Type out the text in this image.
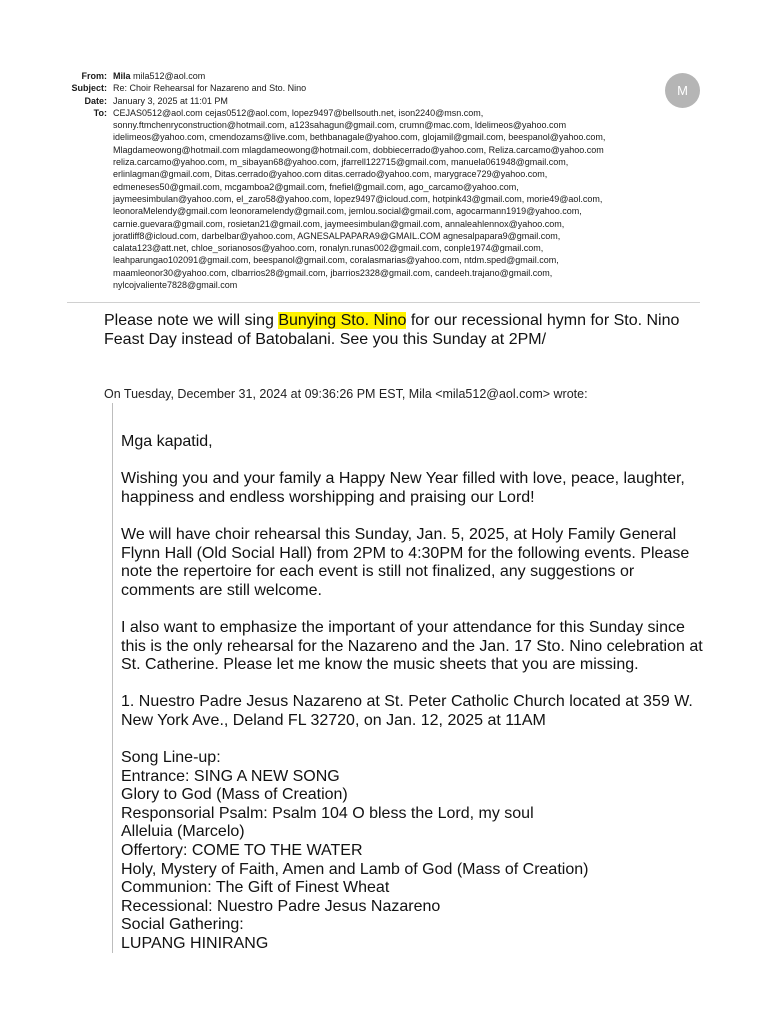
From: Mila mila512@aol.com
Subject: Re: Choir Rehearsal for Nazareno and Sto. Nino
Date: January 3, 2025 at 11:01 PM
To: CEJAS0512@aol.com cejas0512@aol.com, lopez9497@bellsouth.net, ison2240@msn.com,
sonny.ftmchenryconstruction@hotmail.com, a123sahagun@gmail.com, crumn@mac.com, ldelimeos@yahoo.com
idelimeos@yahoo.com, cmendozams@live.com, bethbanagale@yahoo.com, glojamil@gmail.com, beespanol@yahoo.com,
Mlagdameowong@hotmail.com mlagdameowong@hotmail.com, dobbiecerrado@yahoo.com, Reliza.carcamo@yahoo.com
reliza.carcamo@yahoo.com, m_sibayan68@yahoo.com, jfarrell122715@gmail.com, manuela061948@gmail.com,
erlinlagman@gmail.com, Ditas.cerrado@yahoo.com ditas.cerrado@yahoo.com, marygrace729@yahoo.com,
edmeneses50@gmail.com, mcgamboa2@gmail.com, fnefiel@gmail.com, ago_carcamo@yahoo.com,
jaymeesimbulan@yahoo.com, el_zaro58@yahoo.com, lopez9497@icloud.com, hotpink43@gmail.com, morie49@aol.com,
leonoraMelendy@gmail.com leonoramelendy@gmail.com, jemlou.social@gmail.com, agocarmann1919@yahoo.com,
carnie.guevara@gmail.com, rosietan21@gmail.com, jaymeesimbulan@gmail.com, annaleahlennox@yahoo.com,
joratliff8@icloud.com, darbelbar@yahoo.com, AGNESALPAPARA9@GMAIL.COM agnesalpapara9@gmail.com,
calata123@att.net, chloe_sorianosos@yahoo.com, ronalyn.runas002@gmail.com, conple1974@gmail.com,
leahparungao102091@gmail.com, beespanol@gmail.com, coralasmarias@yahoo.com, ntdm.sped@gmail.com,
maamleonor30@yahoo.com, clbarrios28@gmail.com, jbarrios2328@gmail.com, candeeh.trajano@gmail.com,
nylcojvaliente7828@gmail.com
M
Please note we will sing Bunying Sto. Nino for our recessional hymn for Sto. Nino Feast Day instead of Batobalani. See you this Sunday at 2PM/
On Tuesday, December 31, 2024 at 09:36:26 PM EST, Mila <mila512@aol.com> wrote:

Mga kapatid,

Wishing you and your family a Happy New Year filled with love, peace, laughter, happiness and endless worshipping and praising our Lord!

We will have choir rehearsal this Sunday, Jan. 5, 2025, at Holy Family General Flynn Hall (Old Social Hall) from 2PM to 4:30PM for the following events. Please note the repertoire for each event is still not finalized, any suggestions or comments are still welcome.

I also want to emphasize the important of your attendance for this Sunday since this is the only rehearsal for the Nazareno and the Jan. 17 Sto. Nino celebration at St. Catherine. Please let me know the music sheets that you are missing.

1. Nuestro Padre Jesus Nazareno at St. Peter Catholic Church located at 359 W. New York Ave., Deland FL 32720, on Jan. 12, 2025 at 11AM

Song Line-up:
Entrance: SING A NEW SONG
Glory to God (Mass of Creation)
Responsorial Psalm: Psalm 104 O bless the Lord, my soul
Alleluia (Marcelo)
Offertory: COME TO THE WATER
Holy, Mystery of Faith, Amen and Lamb of God (Mass of Creation)
Communion: The Gift of Finest Wheat
Recessional: Nuestro Padre Jesus Nazareno
Social Gathering:
LUPANG HINIRANG
